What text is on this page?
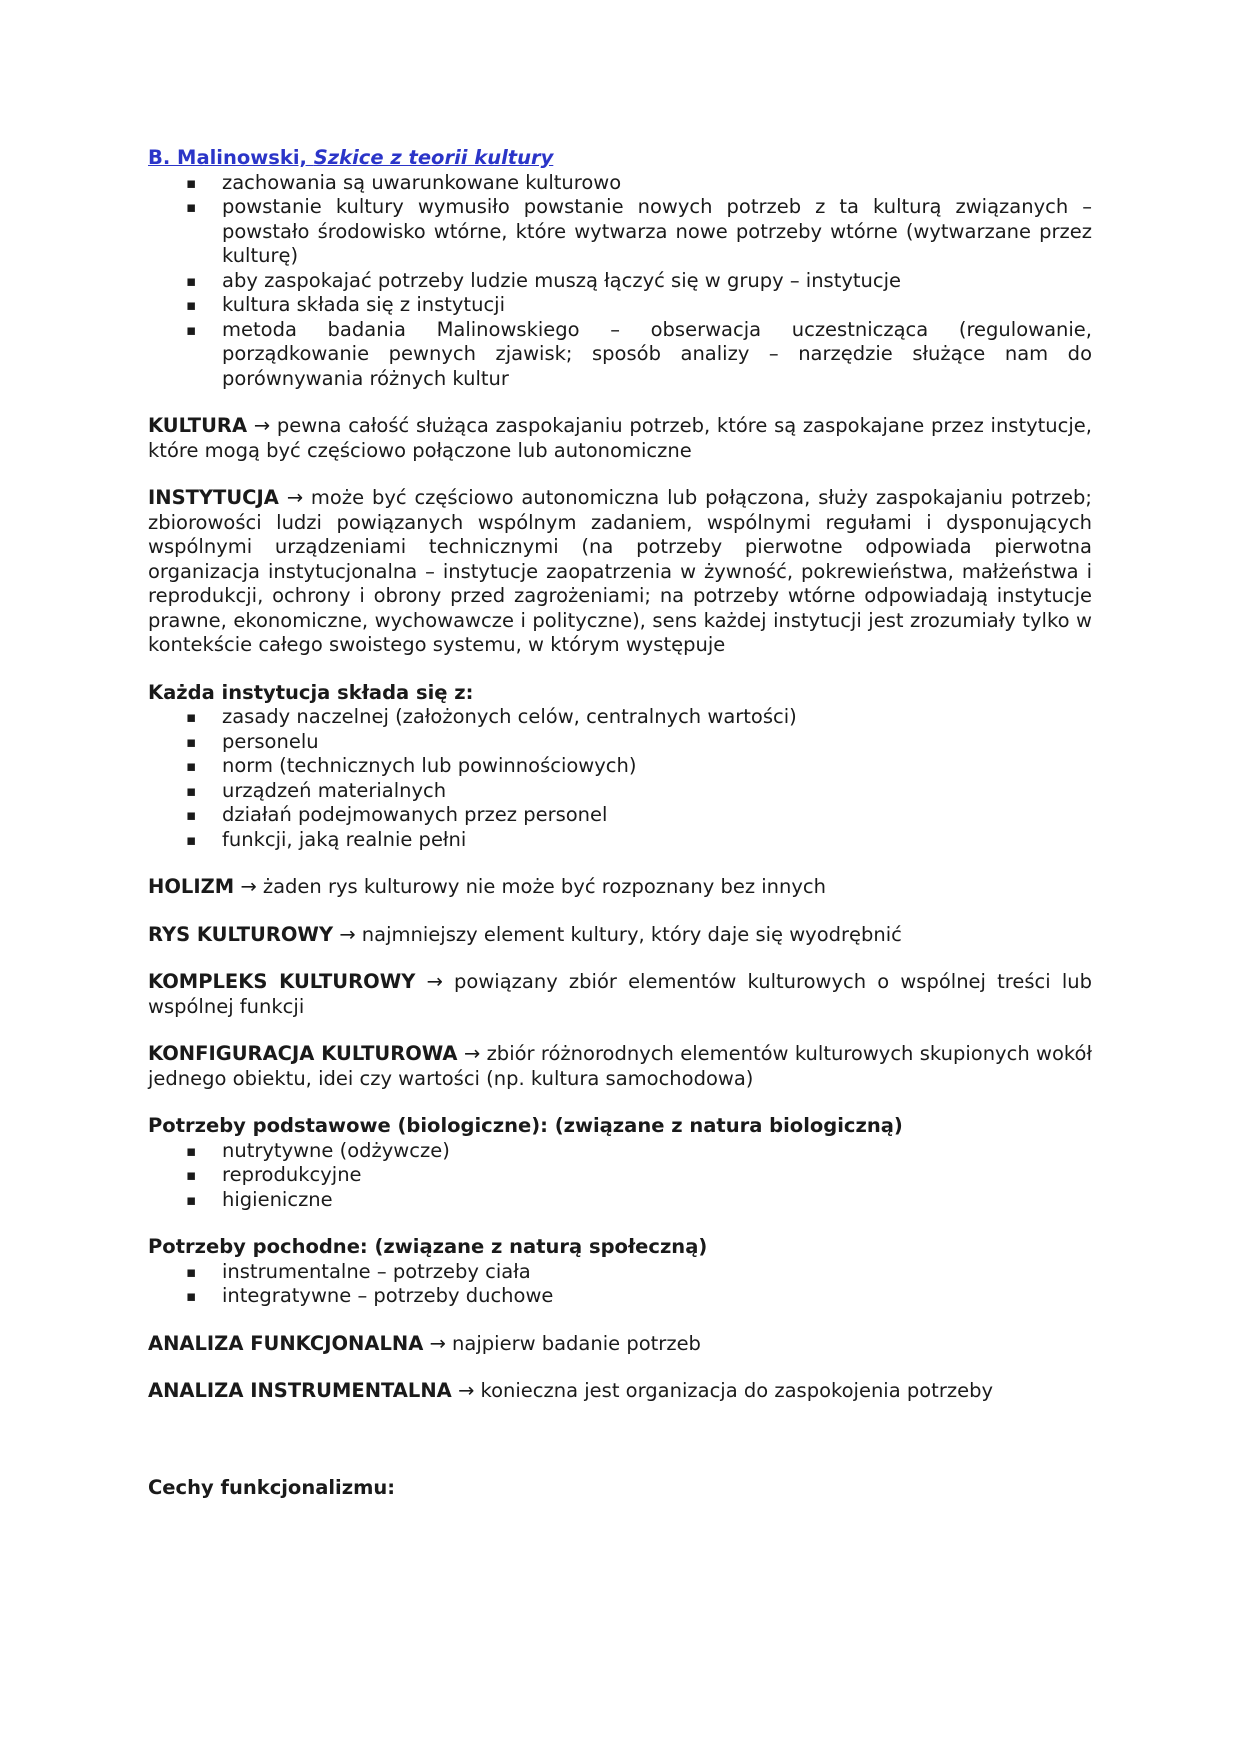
B. Malinowski, Szkice z teorii kultury

▪ zachowania są uwarunkowane kulturowo
▪ powstanie kultury wymusiło powstanie nowych potrzeb z ta kulturą związanych – powstało środowisko wtórne, które wytwarza nowe potrzeby wtórne (wytwarzane przez kulturę)
▪ aby zaspokajać potrzeby ludzie muszą łączyć się w grupy – instytucje
▪ kultura składa się z instytucji
▪ metoda badania Malinowskiego – obserwacja uczestnicząca (regulowanie, porządkowanie pewnych zjawisk; sposób analizy – narzędzie służące nam do porównywania różnych kultur

KULTURA → pewna całość służąca zaspokajaniu potrzeb, które są zaspokajane przez instytucje, które mogą być częściowo połączone lub autonomiczne

INSTYTUCJA → może być częściowo autonomiczna lub połączona, służy zaspokajaniu potrzeb; zbiorowości ludzi powiązanych wspólnym zadaniem, wspólnymi regułami i dysponujących wspólnymi urządzeniami technicznymi (na potrzeby pierwotne odpowiada pierwotna organizacja instytucjonalna – instytucje zaopatrzenia w żywność, pokrewieństwa, małżeństwa i reprodukcji, ochrony i obrony przed zagrożeniami; na potrzeby wtórne odpowiadają instytucje prawne, ekonomiczne, wychowawcze i polityczne), sens każdej instytucji jest zrozumiały tylko w kontekście całego swoistego systemu, w którym występuje

Każda instytucja składa się z:

▪ zasady naczelnej (założonych celów, centralnych wartości)
▪ personelu
▪ norm (technicznych lub powinnościowych)
▪ urządzeń materialnych
▪ działań podejmowanych przez personel
▪ funkcji, jaką realnie pełni

HOLIZM → żaden rys kulturowy nie może być rozpoznany bez innych

RYS KULTUROWY → najmniejszy element kultury, który daje się wyodrębnić

KOMPLEKS KULTUROWY → powiązany zbiór elementów kulturowych o wspólnej treści lub wspólnej funkcji

KONFIGURACJA KULTUROWA → zbiór różnorodnych elementów kulturowych skupionych wokół jednego obiektu, idei czy wartości (np. kultura samochodowa)

Potrzeby podstawowe (biologiczne): (związane z natura biologiczną)

▪ nutrytywne (odżywcze)
▪ reprodukcyjne
▪ higieniczne

Potrzeby pochodne: (związane z naturą społeczną)

▪ instrumentalne – potrzeby ciała
▪ integratywne – potrzeby duchowe

ANALIZA FUNKCJONALNA → najpierw badanie potrzeb

ANALIZA INSTRUMENTALNA → konieczna jest organizacja do zaspokojenia potrzeby

Cechy funkcjonalizmu:
